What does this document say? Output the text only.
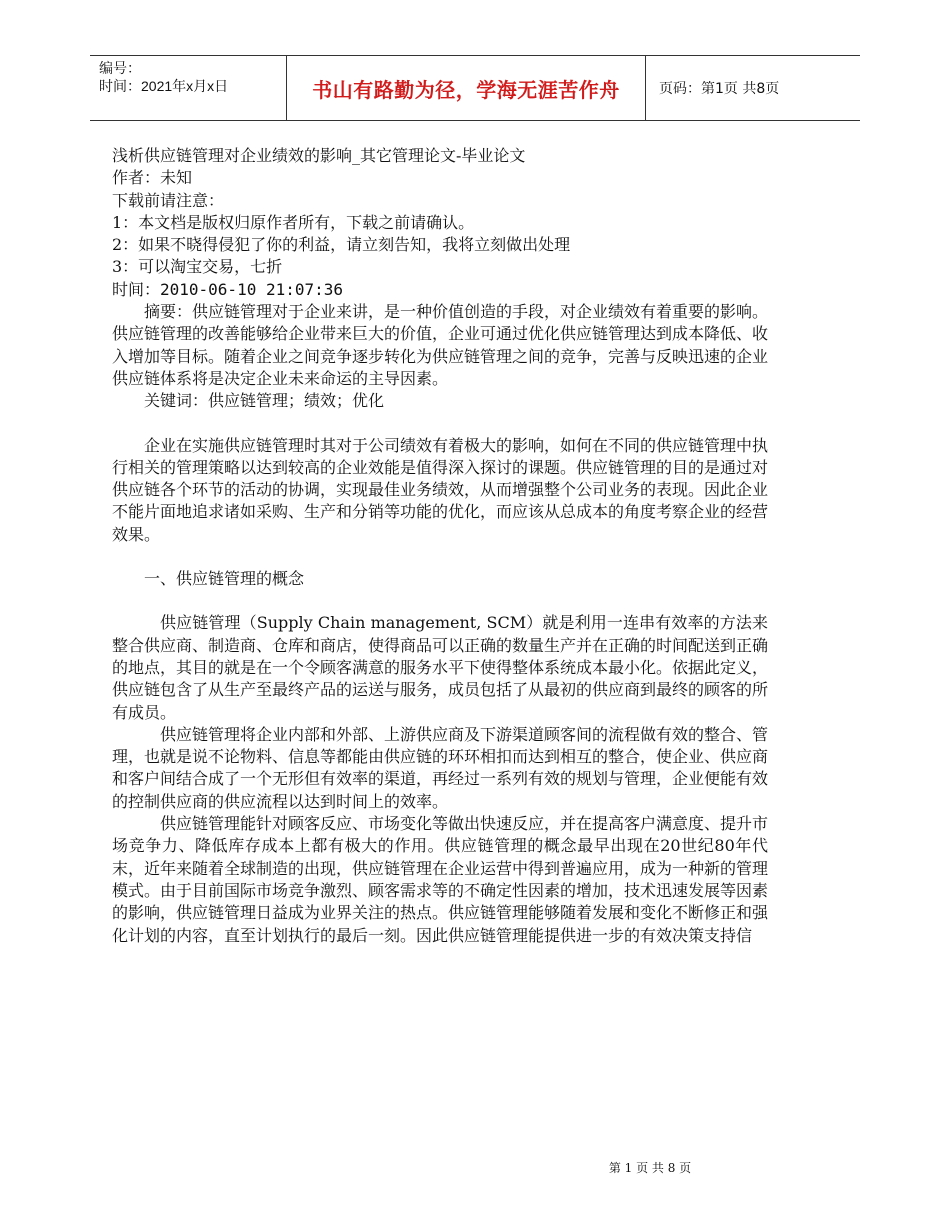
编号：
时间：2021年x月x日	书山有路勤为径，学海无涯苦作舟	页码：第1页 共8页

浅析供应链管理对企业绩效的影响_其它管理论文-毕业论文

作者：未知

下载前请注意：

1：本文档是版权归原作者所有，下载之前请确认。

2：如果不晓得侵犯了你的利益，请立刻告知，我将立刻做出处理

3：可以淘宝交易，七折

时间：2010-06-10 21:07:36

摘要：供应链管理对于企业来讲，是一种价值创造的手段，对企业绩效有着重要的影响。供应链管理的改善能够给企业带来巨大的价值，企业可通过优化供应链管理达到成本降低、收入增加等目标。随着企业之间竞争逐步转化为供应链管理之间的竞争，完善与反映迅速的企业供应链体系将是决定企业未来命运的主导因素。

关键词：供应链管理；绩效；优化

企业在实施供应链管理时其对于公司绩效有着极大的影响，如何在不同的供应链管理中执行相关的管理策略以达到较高的企业效能是值得深入探讨的课题。供应链管理的目的是通过对供应链各个环节的活动的协调，实现最佳业务绩效，从而增强整个公司业务的表现。因此企业不能片面地追求诸如采购、生产和分销等功能的优化，而应该从总成本的角度考察企业的经营效果。

一、供应链管理的概念

供应链管理（Supply Chain management, SCM）就是利用一连串有效率的方法来整合供应商、制造商、仓库和商店，使得商品可以正确的数量生产并在正确的时间配送到正确的地点，其目的就是在一个令顾客满意的服务水平下使得整体系统成本最小化。依据此定义，供应链包含了从生产至最终产品的运送与服务，成员包括了从最初的供应商到最终的顾客的所有成员。

供应链管理将企业内部和外部、上游供应商及下游渠道顾客间的流程做有效的整合、管理，也就是说不论物料、信息等都能由供应链的环环相扣而达到相互的整合，使企业、供应商和客户间结合成了一个无形但有效率的渠道，再经过一系列有效的规划与管理，企业便能有效的控制供应商的供应流程以达到时间上的效率。

供应链管理能针对顾客反应、市场变化等做出快速反应，并在提高客户满意度、提升市场竞争力、降低库存成本上都有极大的作用。供应链管理的概念最早出现在20世纪80年代末，近年来随着全球制造的出现，供应链管理在企业运营中得到普遍应用，成为一种新的管理模式。由于目前国际市场竞争激烈、顾客需求等的不确定性因素的增加，技术迅速发展等因素的影响，供应链管理日益成为业界关注的热点。供应链管理能够随着发展和变化不断修正和强化计划的内容，直至计划执行的最后一刻。因此供应链管理能提供进一步的有效决策支持信

第 1 页 共 8 页
